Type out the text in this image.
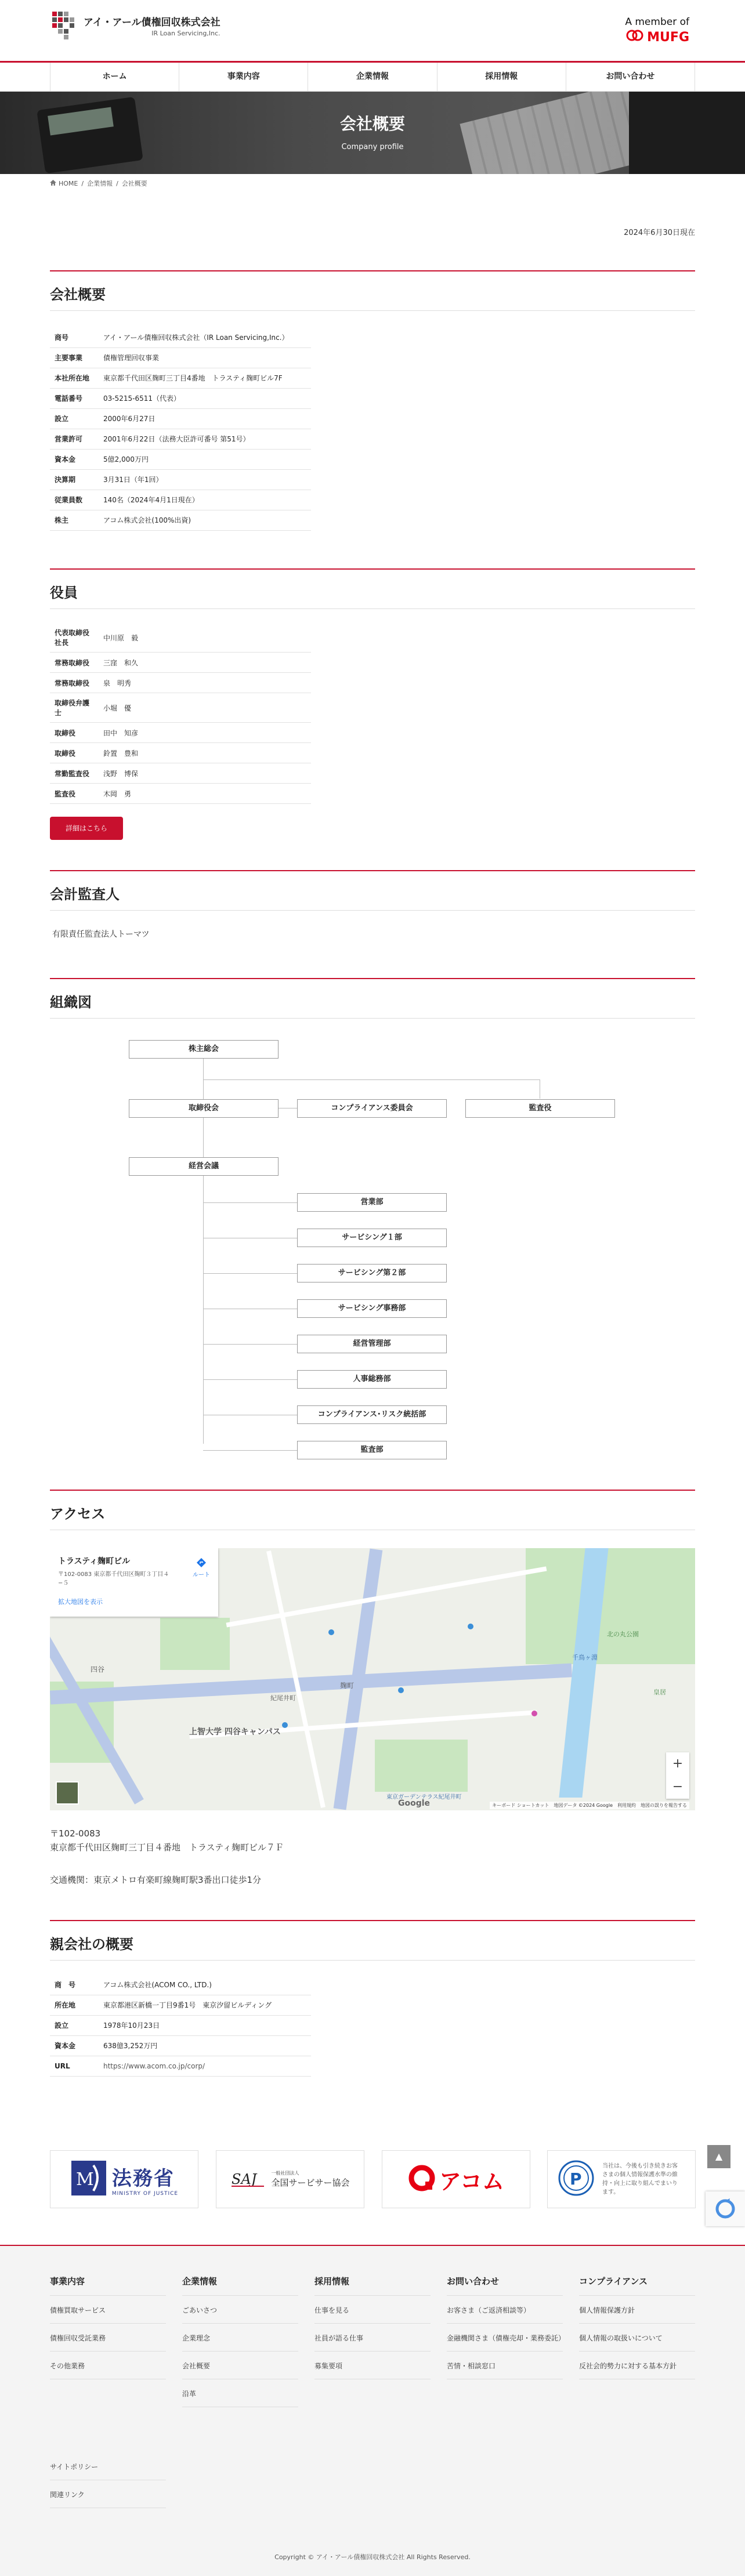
アイ・アール債権回収株式会社
IR Loan Servicing,Inc.
A member of
MUFG
ホーム	事業内容	企業情報	採用情報	お問い合わせ
会社概要
Company profile
HOME / 企業情報 / 会社概要
2024年6月30日現在
会社概要
商号	アイ・アール債権回収株式会社（IR Loan Servicing,Inc.）
主要事業	債権管理回収事業
本社所在地	東京都千代田区麹町三丁目4番地　トラスティ麹町ビル7F
電話番号	03-5215-6511（代表）
設立	2000年6月27日
営業許可	2001年6月22日（法務大臣許可番号 第51号）
資本金	5億2,000万円
決算期	3月31日（年1回）
従業員数	140名（2024年4月1日現在）
株主	アコム株式会社(100%出資)
役員
代表取締役社長	中川原　毅
常務取締役	三窪　和久
常務取締役	泉　明秀
取締役弁護士	小堀　優
取締役	田中　知彦
取締役	鈴置　豊和
常勤監査役	浅野　博保
監査役	木岡　勇
詳細はこちら
会計監査人
有限責任監査法人トーマツ
組織図
株主総会
取締役会	コンプライアンス委員会	監査役
経営会議
営業部
サービシング１部
サービシング第２部
サービシング事務部
経営管理部
人事総務部
コンプライアンス･リスク統括部
監査部
アクセス
北の丸公園
千鳥ヶ淵
皇居
東京ガーデンテラス紀尾井町
上智大学 四谷キャンパス
四谷
麹町
紀尾井町
トラスティ麹町ビル
〒102-0083 東京都千代田区麹町３丁目４−５
拡大地図を表示
ルート
+
−
Google	キーボード ショートカット　地図データ ©2024 Google　利用規約　地図の誤りを報告する
〒102-0083
東京都千代田区麹町三丁目４番地　トラスティ麹町ビル７Ｆ
交通機関：東京メトロ有楽町線麹町駅3番出口徒歩1分
親会社の概要
商　号	アコム株式会社(ACOM CO., LTD.)
所在地	東京都港区新橋一丁目9番1号　東京汐留ビルディング
設立	1978年10月23日
資本金	638億3,252万円
URL	https://www.acom.co.jp/corp/
M 法務省
MINISTRY OF JUSTICE
SAJ	一般社団法人
全国サービサー協会	アコム	P
当社は、今後も引き続きお客さまの個人情報保護水準の維持・向上に取り組んでまいります。
事業内容
債権買取サービス
債権回収受託業務
その他業務
企業情報
ごあいさつ
企業理念
会社概要
沿革
採用情報
仕事を見る
社員が語る仕事
募集要項
お問い合わせ
お客さま（ご返済相談等）
金融機関さま（債権売却・業務委託）
苦情・相談窓口
コンプライアンス
個人情報保護方針
個人情報の取扱いについて
反社会的勢力に対する基本方針
サイトポリシー
関連リンク
Copyright © アイ・アール債権回収株式会社 All Rights Reserved.
▲
